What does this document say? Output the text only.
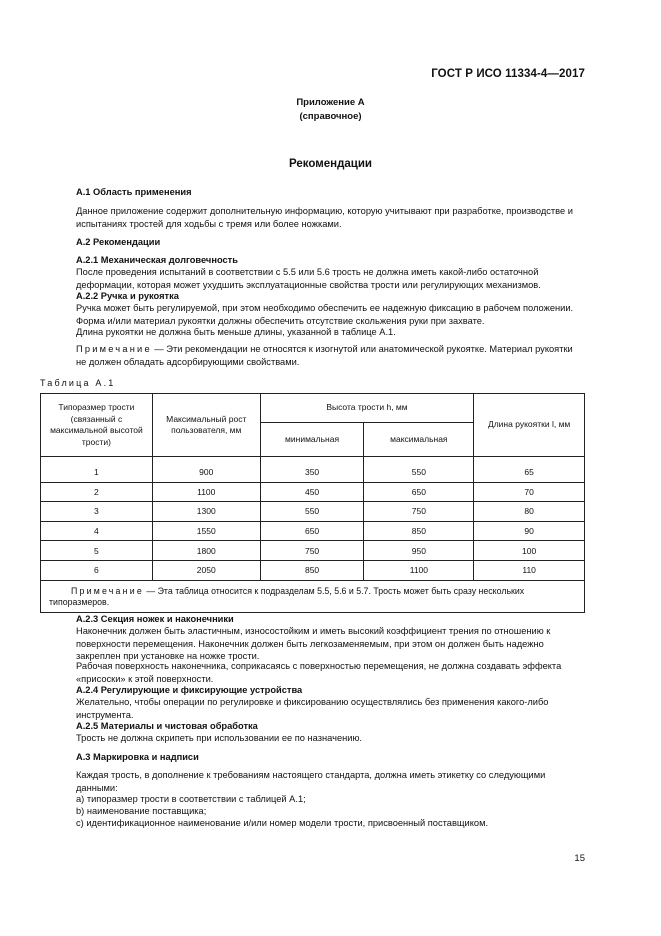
ГОСТ Р ИСО 11334-4—2017
Приложение А
(справочное)
Рекомендации
А.1 Область применения
Данное приложение содержит дополнительную информацию, которую учитывают при разработке, производстве и испытаниях тростей для ходьбы с тремя или более ножками.
А.2 Рекомендации
А.2.1 Механическая долговечность
После проведения испытаний в соответствии с 5.5 или 5.6 трость не должна иметь какой-либо остаточной деформации, которая может ухудшить эксплуатационные свойства трости или регулирующих механизмов.
А.2.2 Ручка и рукоятка
Ручка может быть регулируемой, при этом необходимо обеспечить ее надежную фиксацию в рабочем положении. Форма и/или материал рукоятки должны обеспечить отсутствие скольжения руки при захвате.
Длина рукоятки не должна быть меньше длины, указанной в таблице А.1.
Примечание — Эти рекомендации не относятся к изогнутой или анатомической рукоятке. Материал рукоятки не должен обладать адсорбирующими свойствами.
Таблица А.1
Типоразмер трости (связанный с максимальной высотой трости)	Максимальный рост пользователя, мм	Высота трости h, мм		Длина рукоятки l, мм
		минимальная	максимальная	

1	900	350	550	65
2	1100	450	650	70
3	1300	550	750	80
4	1550	650	850	90
5	1800	750	950	100
6	2050	850	1100	110
Примечание — Эта таблица относится к подразделам 5.5, 5.6 и 5.7. Трость может быть сразу нескольких типоразмеров.				
А.2.3 Секция ножек и наконечники
Наконечник должен быть эластичным, износостойким и иметь высокий коэффициент трения по отношению к поверхности перемещения. Наконечник должен быть легкозаменяемым, при этом он должен быть надежно закреплен при установке на ножке трости.
Рабочая поверхность наконечника, соприкасаясь с поверхностью перемещения, не должна создавать эффекта «присоски» к этой поверхности.
А.2.4 Регулирующие и фиксирующие устройства
Желательно, чтобы операции по регулировке и фиксированию осуществлялись без применения какого-либо инструмента.
А.2.5 Материалы и чистовая обработка
Трость не должна скрипеть при использовании ее по назначению.
А.3 Маркировка и надписи
Каждая трость, в дополнение к требованиям настоящего стандарта, должна иметь этикетку со следующими данными:
a) типоразмер трости в соответствии с таблицей А.1;
b) наименование поставщика;
c) идентификационное наименование и/или номер модели трости, присвоенный поставщиком.
15
